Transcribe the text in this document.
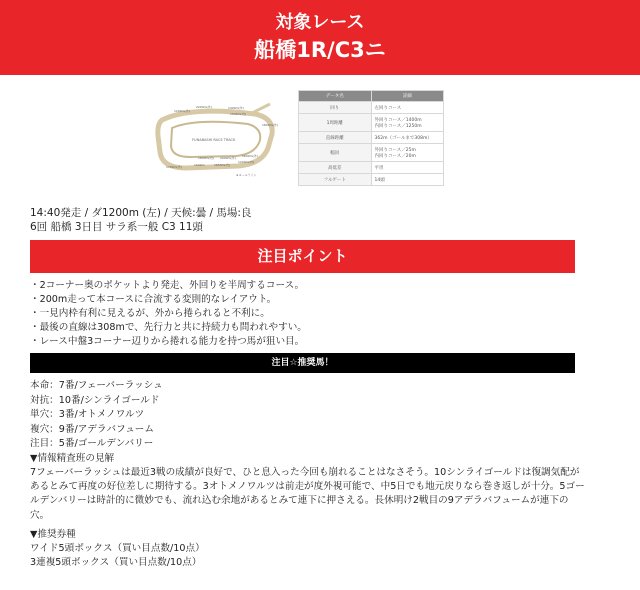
対象レース
船橋1R/C3ニ
FUNABASHI RACE TRACK
2200m(外)
1200m(外)
1400m(外)
1500m(内)
1800m(外)
1600m(内)
1700m(外)	1000m	1650m(内)
1200m(内)
2000m(外) 1600m(外)
※ゴールライン
データ名	詳細
回り	左回りコース
1周距離	外回りコース／1400m
内回りコース／1250m
直線距離	362m（ゴールまで308m）
幅員	外回りコース／25m
内回りコース／20m
高低差	平坦
フルゲート	14頭
14:40発走 / ダ1200m (左) / 天候:曇 / 馬場:良
6回 船橋 3日目 サラ系一般 C3 11頭
注目ポイント
・2コーナー奥のポケットより発走、外回りを半周するコース。
・200m走って本コースに合流する変則的なレイアウト。
・一見内枠有利に見えるが、外から捲られると不利に。
・最後の直線は308mで、先行力と共に持続力も問われやすい。
・レース中盤3コーナー辺りから捲れる能力を持つ馬が狙い目。
注目☆推奨馬！
本命：7番/フェーバーラッシュ
対抗：10番/シンライゴールド
単穴：3番/オトメノワルツ
複穴：9番/アデラバフューム
注目：5番/ゴールデンバリー
▼情報精査班の見解
7フェーバーラッシュは最近3戦の成績が良好で、ひと息入った今回も崩れることはなさそう。10シンライゴールドは復調気配があるとみて再度の好位差しに期待する。3オトメノワルツは前走が度外視可能で、中5日でも地元戻りなら巻き返しが十分。5ゴールデンバリーは時計的に微妙でも、流れ込む余地があるとみて連下に押さえる。長休明け2戦目の9アデラバフュームが連下の穴。
▼推奨券種
ワイド5頭ボックス（買い目点数/10点）
3連複5頭ボックス（買い目点数/10点）
